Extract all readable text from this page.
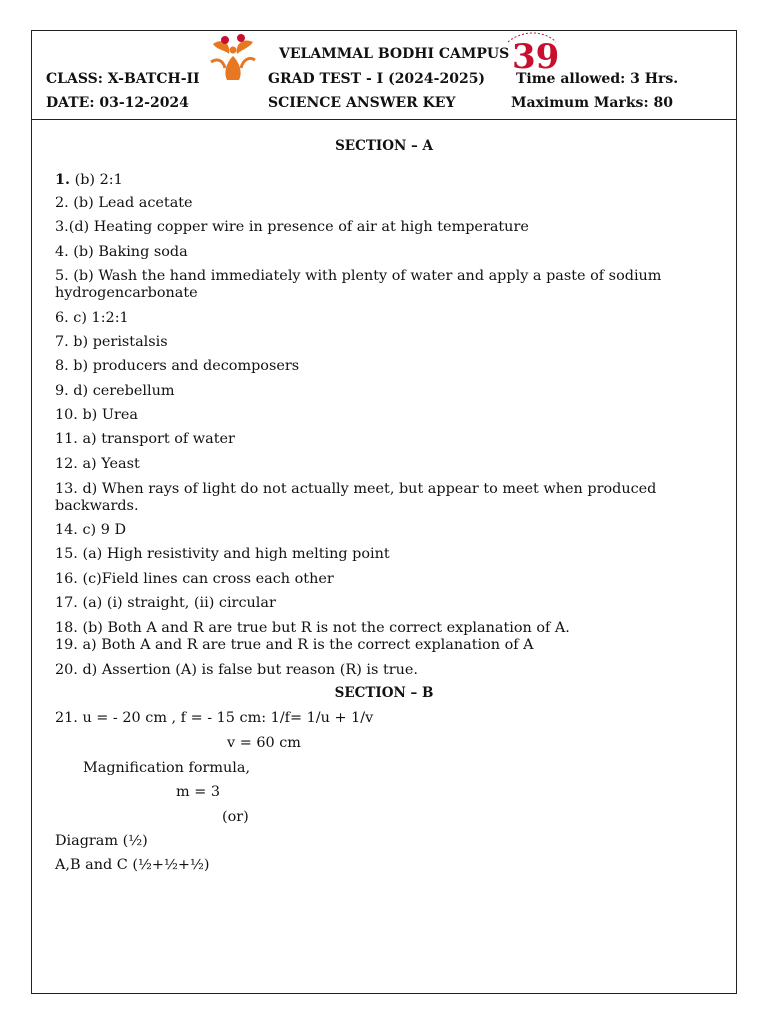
39
VELAMMAL BODHI CAMPUS
CLASS: X-BATCH-II	GRAD TEST - I (2024-2025) Time allowed: 3 Hrs.
DATE: 03-12-2024	SCIENCE ANSWER KEY	Maximum Marks: 80
SECTION – A
1. (b) 2:1
2. (b) Lead acetate
3.(d) Heating copper wire in presence of air at high temperature
4. (b) Baking soda
5. (b) Wash the hand immediately with plenty of water and apply a paste of sodium hydrogencarbonate
6. c) 1:2:1
7. b) peristalsis
8. b) producers and decomposers
9. d) cerebellum
10. b) Urea
11. a) transport of water
12. a) Yeast
13. d) When rays of light do not actually meet, but appear to meet when produced backwards.
14. c) 9 D
15. (a) High resistivity and high melting point
16. (c)Field lines can cross each other
17. (a) (i) straight, (ii) circular
18. (b) Both A and R are true but R is not the correct explanation of A.
19. a) Both A and R are true and R is the correct explanation of A
20. d) Assertion (A) is false but reason (R) is true.
SECTION – B
21. u = - 20 cm , f = - 15 cm: 1/f= 1/u + 1/v
v = 60 cm
Magnification formula,
m = 3
(or)
Diagram (½)
A,B and C (½+½+½)
